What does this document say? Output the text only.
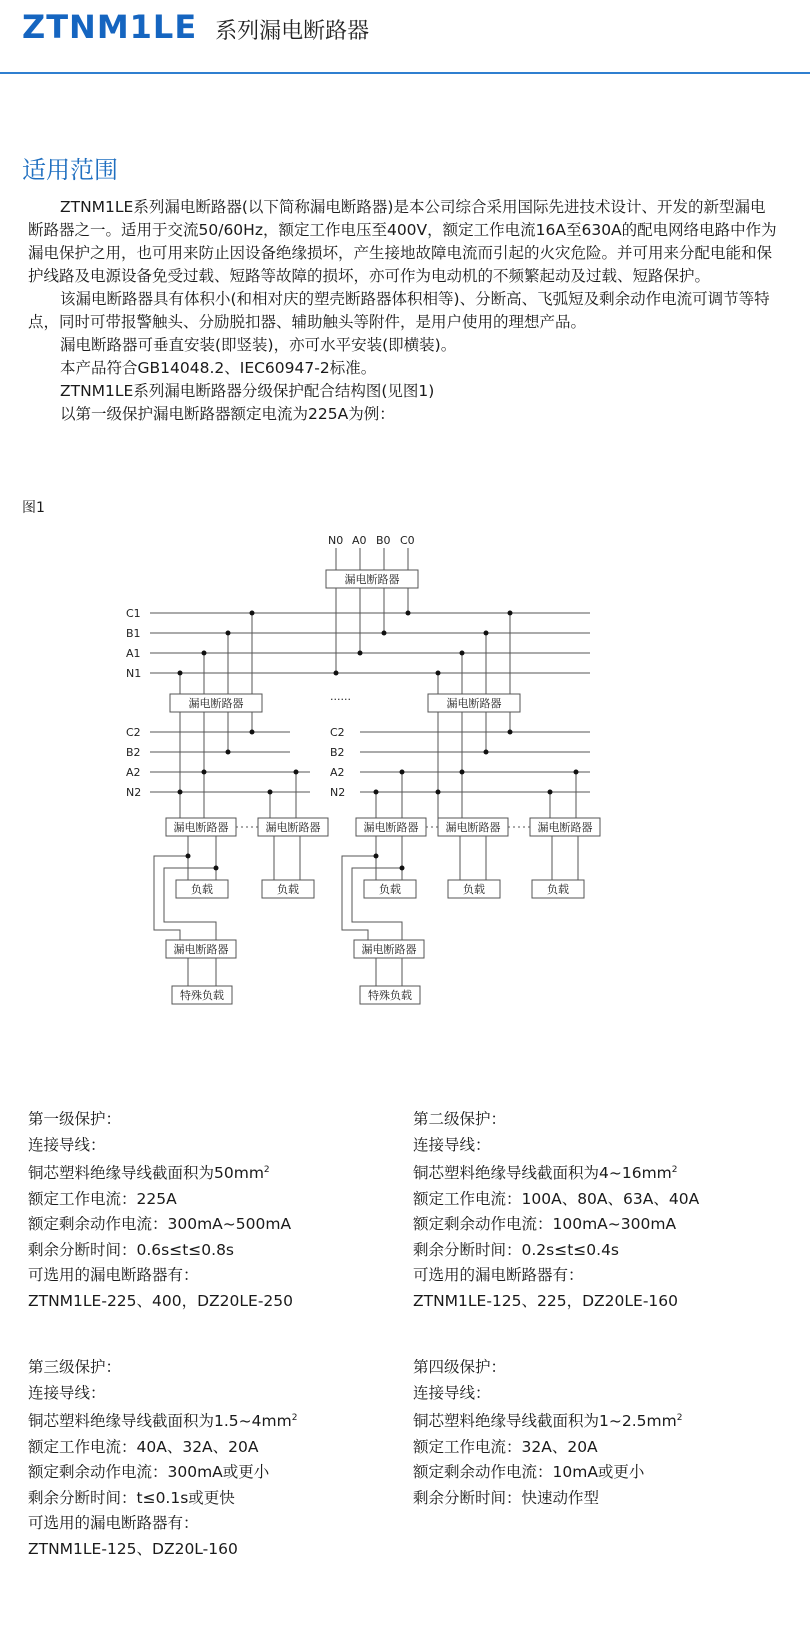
ZTNM1LE 系列漏电断路器
适用范围

ZTNM1LE系列漏电断路器(以下简称漏电断路器)是本公司综合采用国际先进技术设计、开发的新型漏电断路器之一。适用于交流50/60Hz，额定工作电压至400V，额定工作电流16A至630A的配电网络电路中作为漏电保护之用，也可用来防止因设备绝缘损坏，产生接地故障电流而引起的火灾危险。并可用来分配电能和保护线路及电源设备免受过载、短路等故障的损坏，亦可作为电动机的不频繁起动及过载、短路保护。

该漏电断路器具有体积小(和相对庆的塑壳断路器体积相等)、分断高、飞弧短及剩余动作电流可调节等特点，同时可带报警触头、分励脱扣器、辅助触头等附件，是用户使用的理想产品。

漏电断路器可垂直安装(即竖装)，亦可水平安装(即横装)。

本产品符合GB14048.2、IEC60947-2标准。

ZTNM1LE系列漏电断路器分级保护配合结构图(见图1)

以第一级保护漏电断路器额定电流为225A为例：

图1
N0 A0 B0 C0
C1
B1
A1
N1
C2
B2
A2
N2
C2
B2
A2
N2
......
漏电断路器
漏电断路器	漏电断路器
漏电断路器	漏电断路器	漏电断路器 漏电断路器	漏电断路器
漏电断路器	漏电断路器
负载	负载	负载	负载	负载
特殊负载	特殊负载

第一级保护：

连接导线：

铜芯塑料绝缘导线截面积为$50mm^2$

额定工作电流：225A

额定剩余动作电流：300mA~500mA

剩余分断时间：0.6s≤t≤0.8s

可选用的漏电断路器有：

ZTNM1LE-225、400，DZ20LE-250

第二级保护：

连接导线：

铜芯塑料绝缘导线截面积为$4\sim 16mm^2$

额定工作电流：100A、80A、63A、40A

额定剩余动作电流：100mA~300mA

剩余分断时间：0.2s≤t≤0.4s

可选用的漏电断路器有：

ZTNM1LE-125、225，DZ20LE-160

第三级保护：

连接导线：

铜芯塑料绝缘导线截面积为$1.5\sim 4mm^2$

额定工作电流：40A、32A、20A

额定剩余动作电流：300mA或更小

剩余分断时间：t≤0.1s或更快

可选用的漏电断路器有：

ZTNM1LE-125、DZ20L-160

第四级保护：

连接导线：

铜芯塑料绝缘导线截面积为$1\sim 2.5mm^2$

额定工作电流：32A、20A

额定剩余动作电流：10mA或更小

剩余分断时间：快速动作型
